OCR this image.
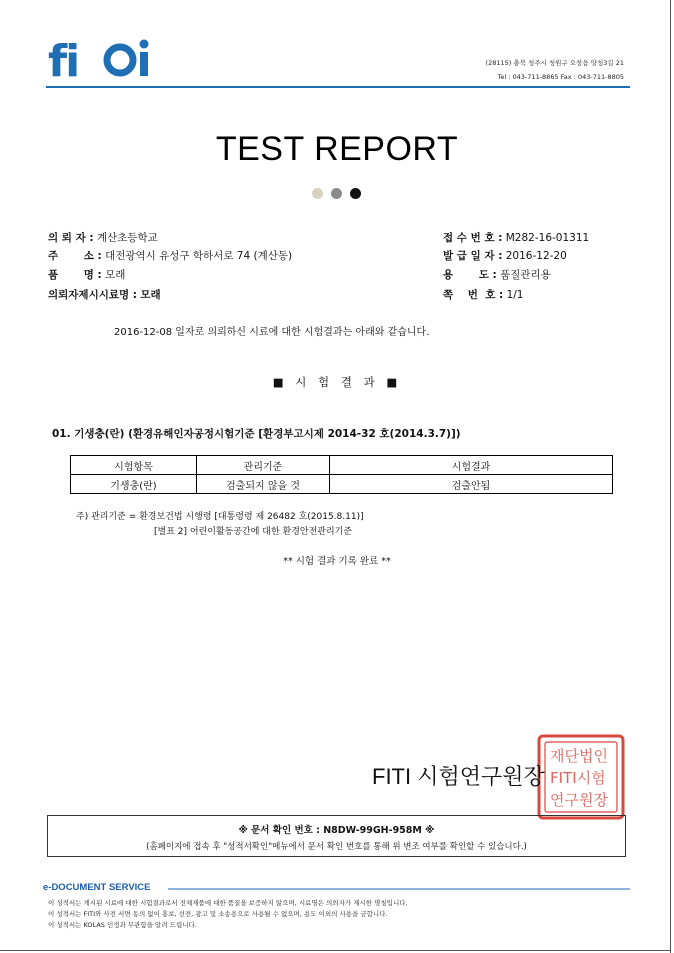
fi	(28115) 충북 청주시 청원구 오창읍 양청3길 21
Tel : 043-711-8865 Fax : 043-711-8805
TEST REPORT
의 뢰 자 : 계산초등학교
주       소 : 대전광역시 유성구 학하서로 74 (계산동)
품       명 : 모래
의뢰자제시시료명 : 모래
접 수 번 호 : M282-16-01311
발 급 일 자 : 2016-12-20
용       도 : 품질관리용
쪽    번  호 : 1/1
2016-12-08 일자로 의뢰하신 시료에 대한 시험결과는 아래와 같습니다.
■ 시 험 결 과 ■
01. 기생충(란) (환경유해인자공정시험기준 [환경부고시제 2014-32 호(2014.3.7)])
시험항목	관리기준	시험결과
기생충(란)	검출되지 않을 것	검출안됨
주) 관리기준 = 환경보건법 시행령 [대통령령 제 26482 호(2015.8.11)]
[별표 2] 어린이활동공간에 대한 환경안전관리기준
** 시험 결과 기록 완료 **
재단법인
FITI시험
연구원장
FITI 시험연구원장
※ 문서 확인 번호 : N8DW-99GH-958M ※
(홈페이지에 접속 후 "성적서확인"메뉴에서 문서 확인 번호를 통해 위 변조 여부를 확인할 수 있습니다.)
e-DOCUMENT SERVICE
이 성적서는 게시된 시료에 대한 시험결과로서 전체제품에 대한 품질을 보증하지 않으며, 시료명은 의뢰자가 제시한 명칭입니다.
이 성적서는 FITI와 사전 서면 동의 없이 홍보, 선전, 광고 및 소송용으로 사용될 수 없으며, 용도 이외의 사용을 금합니다.
이 성적서는 KOLAS 인정과 무관함을 알려 드립니다.
